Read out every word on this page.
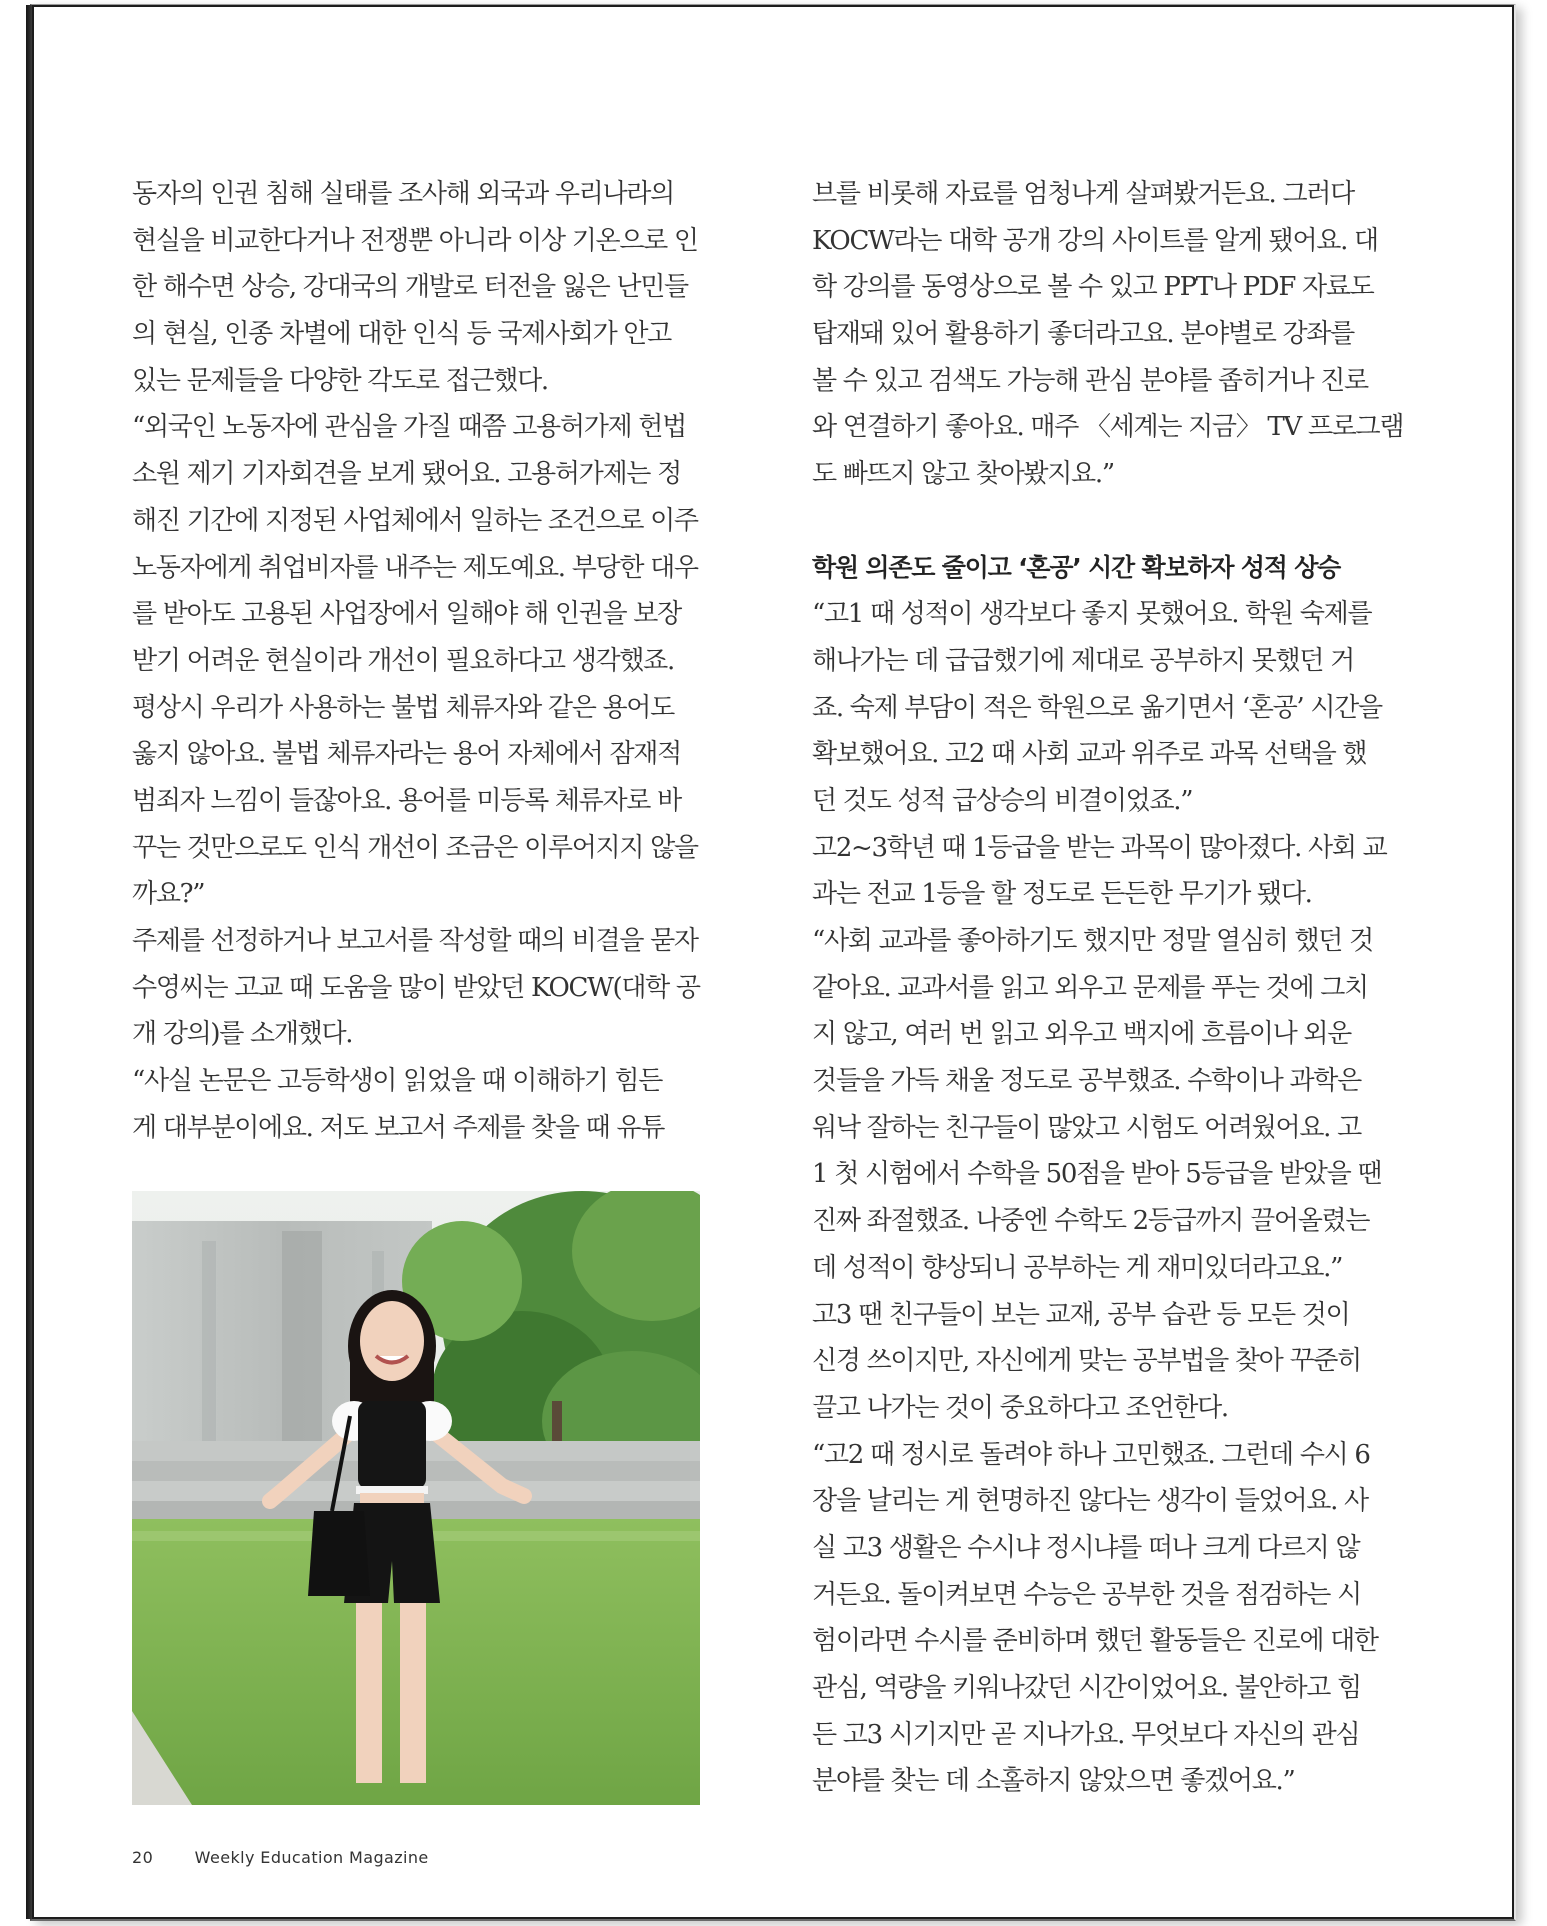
동자의 인권 침해 실태를 조사해 외국과 우리나라의
현실을 비교한다거나 전쟁뿐 아니라 이상 기온으로 인
한 해수면 상승, 강대국의 개발로 터전을 잃은 난민들
의 현실, 인종 차별에 대한 인식 등 국제사회가 안고
있는 문제들을 다양한 각도로 접근했다.
“외국인 노동자에 관심을 가질 때쯤 고용허가제 헌법
소원 제기 기자회견을 보게 됐어요. 고용허가제는 정
해진 기간에 지정된 사업체에서 일하는 조건으로 이주
노동자에게 취업비자를 내주는 제도예요. 부당한 대우
를 받아도 고용된 사업장에서 일해야 해 인권을 보장
받기 어려운 현실이라 개선이 필요하다고 생각했죠.
평상시 우리가 사용하는 불법 체류자와 같은 용어도
옳지 않아요. 불법 체류자라는 용어 자체에서 잠재적
범죄자 느낌이 들잖아요. 용어를 미등록 체류자로 바
꾸는 것만으로도 인식 개선이 조금은 이루어지지 않을
까요?”
주제를 선정하거나 보고서를 작성할 때의 비결을 묻자
수영씨는 고교 때 도움을 많이 받았던 KOCW(대학 공
개 강의)를 소개했다.
“사실 논문은 고등학생이 읽었을 때 이해하기 힘든
게 대부분이에요. 저도 보고서 주제를 찾을 때 유튜
브를 비롯해 자료를 엄청나게 살펴봤거든요. 그러다
KOCW라는 대학 공개 강의 사이트를 알게 됐어요. 대
학 강의를 동영상으로 볼 수 있고 PPT나 PDF 자료도
탑재돼 있어 활용하기 좋더라고요. 분야별로 강좌를
볼 수 있고 검색도 가능해 관심 분야를 좁히거나 진로
와 연결하기 좋아요. 매주 〈세계는 지금〉 TV 프로그램
도 빠뜨지 않고 찾아봤지요.”
학원 의존도 줄이고 ‘혼공’ 시간 확보하자 성적 상승
“고1 때 성적이 생각보다 좋지 못했어요. 학원 숙제를
해나가는 데 급급했기에 제대로 공부하지 못했던 거
죠. 숙제 부담이 적은 학원으로 옮기면서 ‘혼공’ 시간을
확보했어요. 고2 때 사회 교과 위주로 과목 선택을 했
던 것도 성적 급상승의 비결이었죠.”
고2~3학년 때 1등급을 받는 과목이 많아졌다. 사회 교
과는 전교 1등을 할 정도로 든든한 무기가 됐다.
“사회 교과를 좋아하기도 했지만 정말 열심히 했던 것
같아요. 교과서를 읽고 외우고 문제를 푸는 것에 그치
지 않고, 여러 번 읽고 외우고 백지에 흐름이나 외운
것들을 가득 채울 정도로 공부했죠. 수학이나 과학은
워낙 잘하는 친구들이 많았고 시험도 어려웠어요. 고
1 첫 시험에서 수학을 50점을 받아 5등급을 받았을 땐
진짜 좌절했죠. 나중엔 수학도 2등급까지 끌어올렸는
데 성적이 향상되니 공부하는 게 재미있더라고요.”
고3 땐 친구들이 보는 교재, 공부 습관 등 모든 것이
신경 쓰이지만, 자신에게 맞는 공부법을 찾아 꾸준히
끌고 나가는 것이 중요하다고 조언한다.
“고2 때 정시로 돌려야 하나 고민했죠. 그런데 수시 6
장을 날리는 게 현명하진 않다는 생각이 들었어요. 사
실 고3 생활은 수시냐 정시냐를 떠나 크게 다르지 않
거든요. 돌이켜보면 수능은 공부한 것을 점검하는 시
험이라면 수시를 준비하며 했던 활동들은 진로에 대한
관심, 역량을 키워나갔던 시간이었어요. 불안하고 힘
든 고3 시기지만 곧 지나가요. 무엇보다 자신의 관심
분야를 찾는 데 소홀하지 않았으면 좋겠어요.”
20	Weekly Education Magazine
